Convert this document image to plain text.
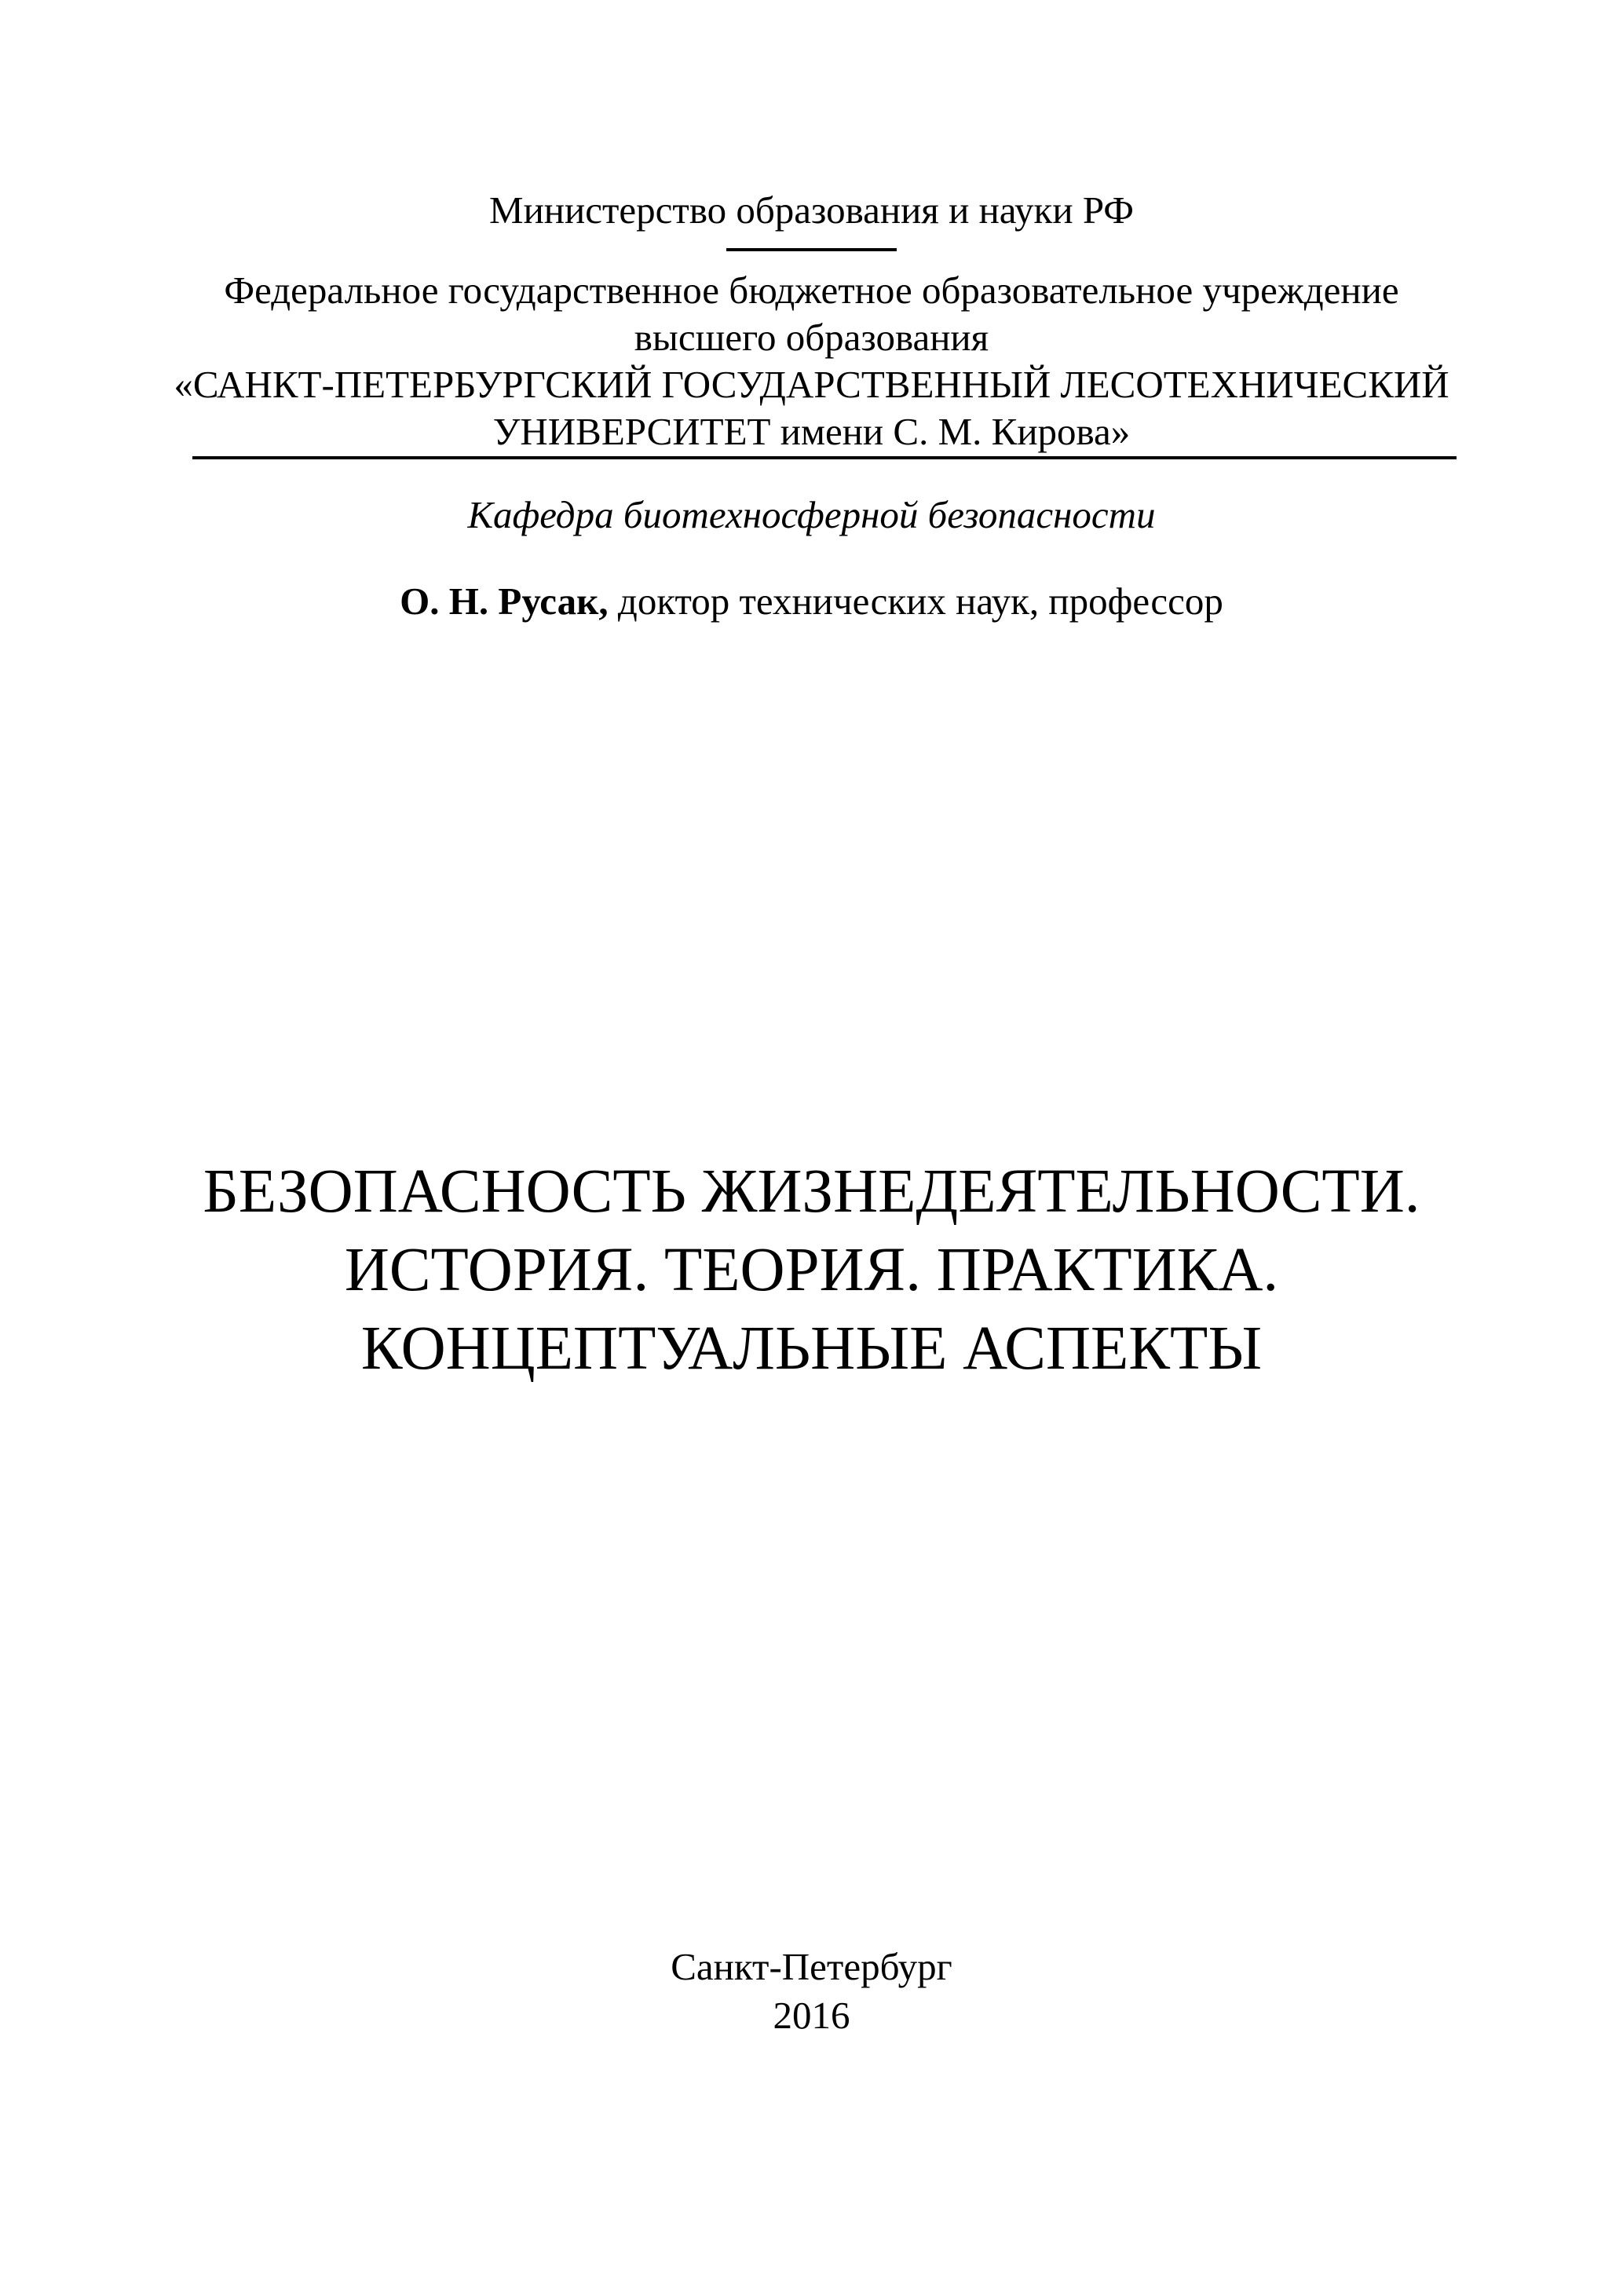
Министерство образования и науки РФ
Федеральное государственное бюджетное образовательное учреждение
высшего образования
«САНКТ-ПЕТЕРБУРГСКИЙ ГОСУДАРСТВЕННЫЙ ЛЕСОТЕХНИЧЕСКИЙ
УНИВЕРСИТЕТ имени С. М. Кирова»
Кафедра биотехносферной безопасности
О. Н. Русак, доктор технических наук, профессор
БЕЗОПАСНОСТЬ ЖИЗНЕДЕЯТЕЛЬНОСТИ.
ИСТОРИЯ. ТЕОРИЯ. ПРАКТИКА.
КОНЦЕПТУАЛЬНЫЕ АСПЕКТЫ
Санкт-Петербург
2016
